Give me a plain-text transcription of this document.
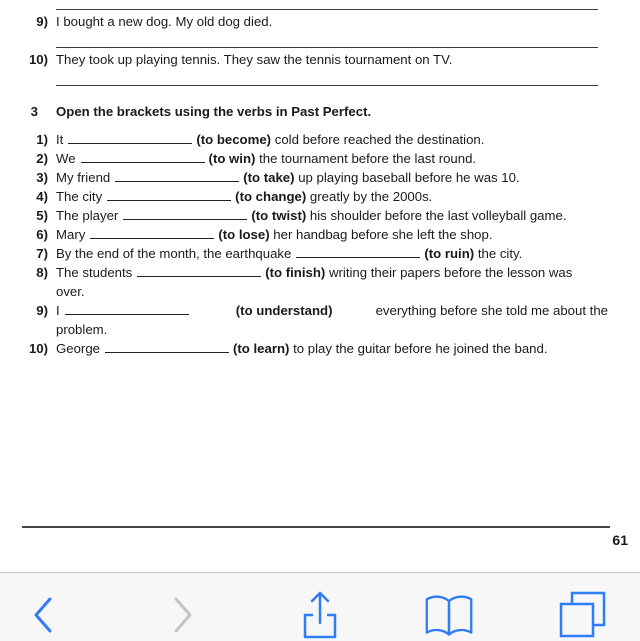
9) I bought a new dog. My old dog died.
10) They took up playing tennis. They saw the tennis tournament on TV.
3 Open the brackets using the verbs in Past Perfect.
1) It	(to become) cold before reached the destination.
2) We	(to win) the tournament before the last round.
3) My friend	(to take) up playing baseball before he was 10.
4) The city	(to change) greatly by the 2000s.
5) The player	(to twist) his shoulder before the last volleyball game.
6) Mary	(to lose) her handbag before she left the shop.
7) By the end of the month, the earthquake	(to ruin) the city.
8) The students	(to finish) writing their papers before the lesson was
over.
9) I	(to understand)	everything before she told me about the
problem.
10) George	(to learn) to play the guitar before he joined the band.
61
